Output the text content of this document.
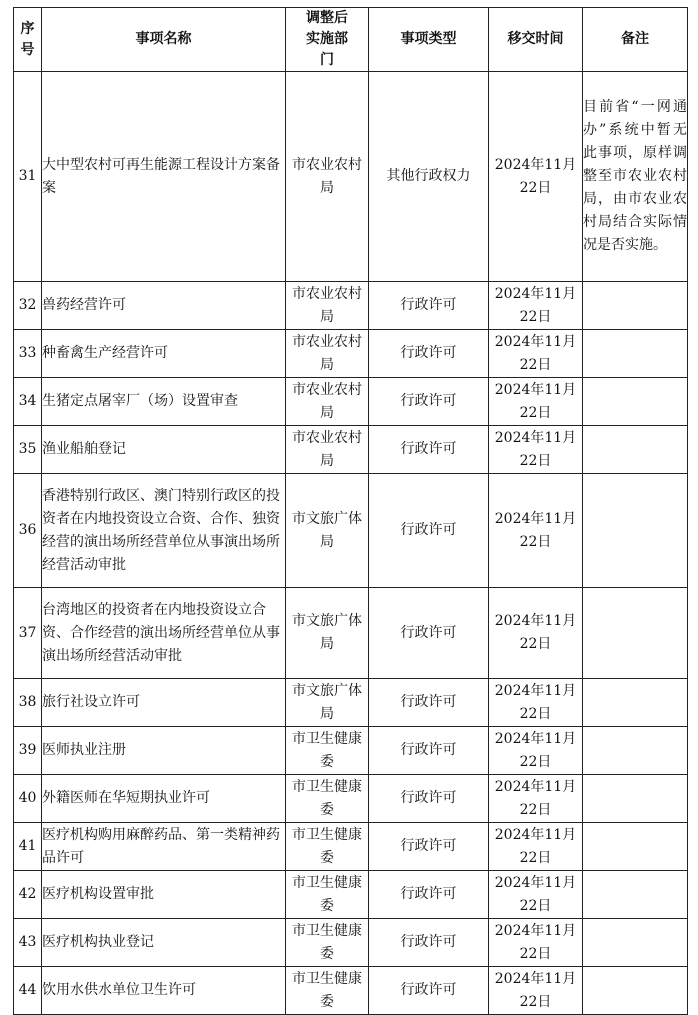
序号	事项名称	调整后实施部门	事项类型	移交时间	备注
31	大中型农村可再生能源工程设计方案备案	市农业农村局	其他行政权力	2024年11月22日	目前省“一网通办”系统中暂无此事项，原样调整至市农业农村局，由市农业农村局结合实际情况是否实施。
32	兽药经营许可	市农业农村局	行政许可	2024年11月22日	
33	种畜禽生产经营许可	市农业农村局	行政许可	2024年11月22日	
34	生猪定点屠宰厂（场）设置审查	市农业农村局	行政许可	2024年11月22日	
35	渔业船舶登记	市农业农村局	行政许可	2024年11月22日	
36	香港特别行政区、澳门特别行政区的投资者在内地投资设立合资、合作、独资经营的演出场所经营单位从事演出场所经营活动审批	市文旅广体局	行政许可	2024年11月22日	
37	台湾地区的投资者在内地投资设立合资、合作经营的演出场所经营单位从事演出场所经营活动审批	市文旅广体局	行政许可	2024年11月22日	
38	旅行社设立许可	市文旅广体局	行政许可	2024年11月22日	
39	医师执业注册	市卫生健康委	行政许可	2024年11月22日	
40	外籍医师在华短期执业许可	市卫生健康委	行政许可	2024年11月22日	
41	医疗机构购用麻醉药品、第一类精神药品许可	市卫生健康委	行政许可	2024年11月22日	
42	医疗机构设置审批	市卫生健康委	行政许可	2024年11月22日	
43	医疗机构执业登记	市卫生健康委	行政许可	2024年11月22日	
44	饮用水供水单位卫生许可	市卫生健康委	行政许可	2024年11月22日	
